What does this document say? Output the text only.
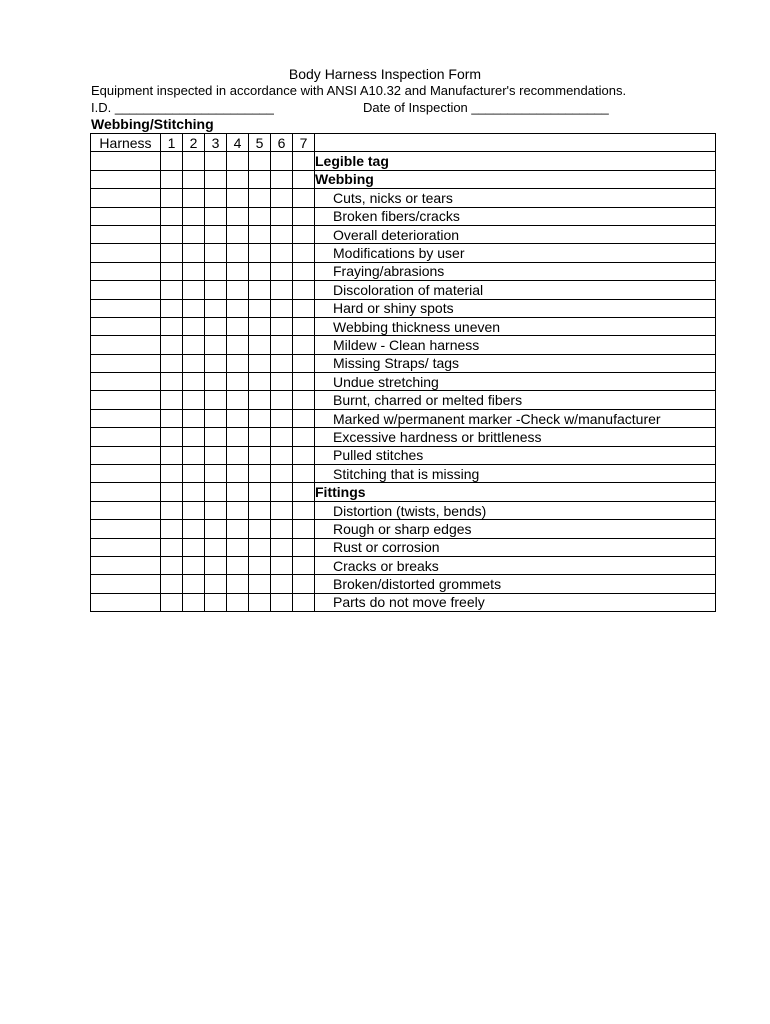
Body Harness Inspection Form
Equipment inspected in accordance with ANSI A10.32 and Manufacturer's recommendations.
I.D. ______________________	Date of Inspection ___________________
Webbing/Stitching
Harness	1	2	3	4	5	6	7	
								Legible tag
								Webbing
								Cuts, nicks or tears
								Broken fibers/cracks
								Overall deterioration
								Modifications by user
								Fraying/abrasions
								Discoloration of material
								Hard or shiny spots
								Webbing thickness uneven
								Mildew - Clean harness
								Missing Straps/ tags
								Undue stretching
								Burnt, charred or melted fibers
								Marked w/permanent marker -Check w/manufacturer
								Excessive hardness or brittleness
								Pulled stitches
								Stitching that is missing
								Fittings
								Distortion (twists, bends)
								Rough or sharp edges
								Rust or corrosion
								Cracks or breaks
								Broken/distorted grommets
								Parts do not move freely
